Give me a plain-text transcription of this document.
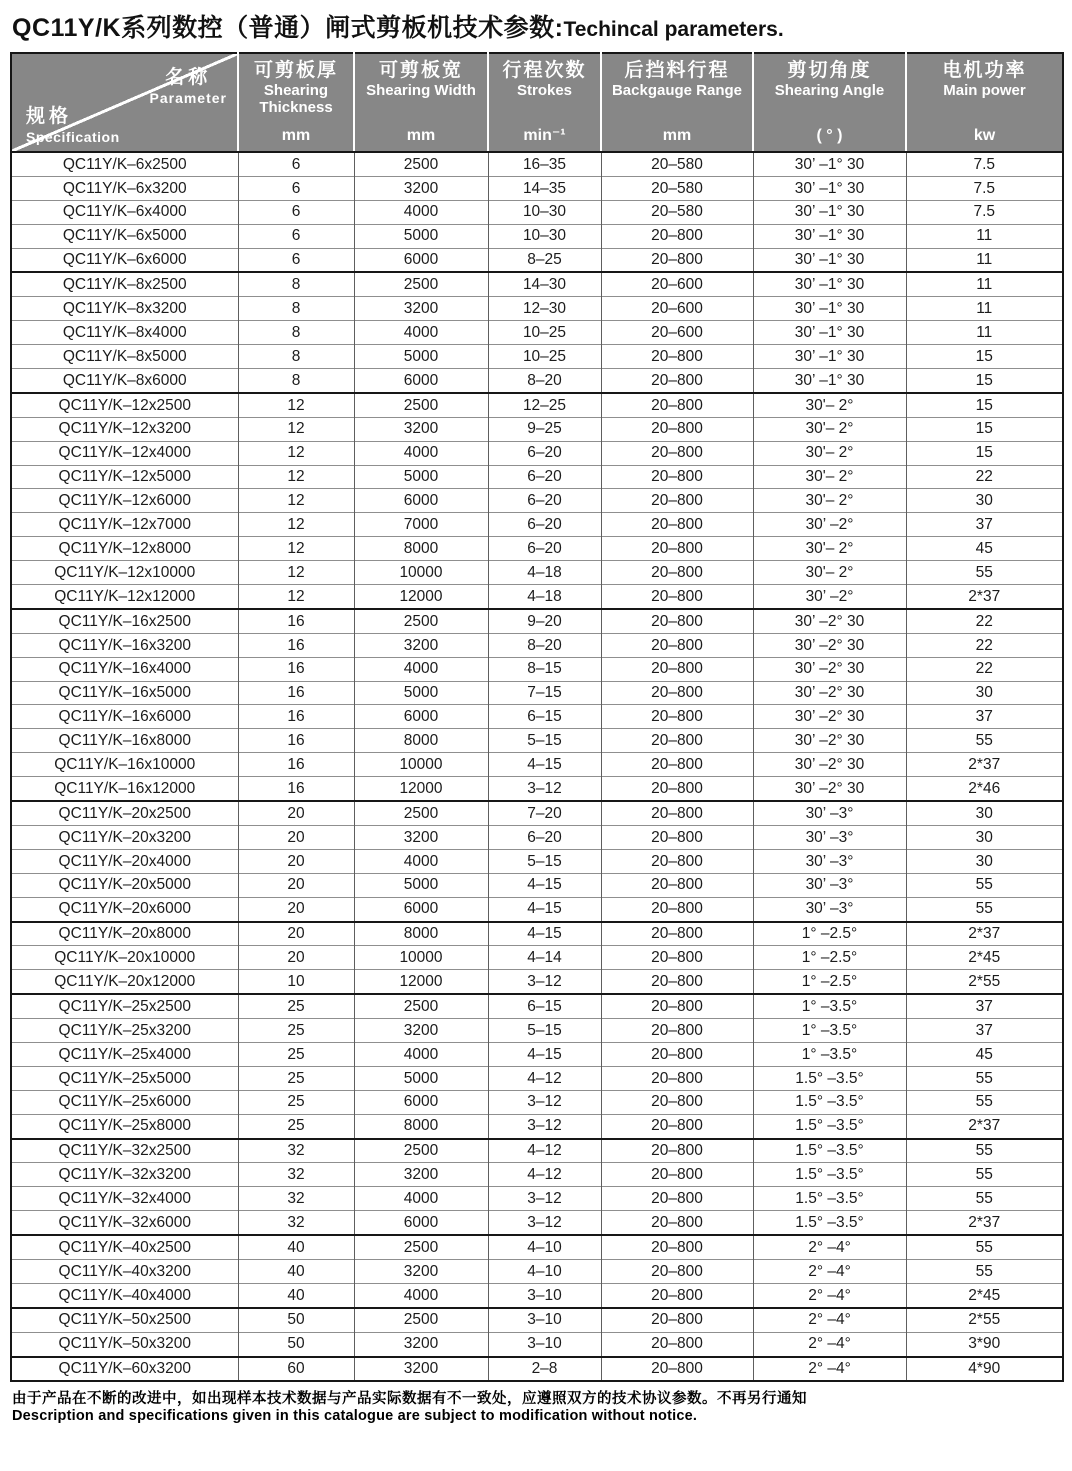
QC11Y/K系列数控（普通）闸式剪板机技术参数:Techincal parameters.
名称
Parameter
规格
Specification

可剪板厚
Shearing Thickness
mm

可剪板宽
Shearing Width
mm

行程次数
Strokes
min⁻¹

后挡料行程
Backgauge Range
mm

剪切角度
Shearing Angle
( ° )

电机功率
Main power
kw

QC11Y/K–6x2500	6	2500	16–35	20–580	30’ –1° 30	7.5
QC11Y/K–6x3200	6	3200	14–35	20–580	30’ –1° 30	7.5
QC11Y/K–6x4000	6	4000	10–30	20–580	30’ –1° 30	7.5
QC11Y/K–6x5000	6	5000	10–30	20–800	30’ –1° 30	11
QC11Y/K–6x6000	6	6000	8–25	20–800	30’ –1° 30	11
QC11Y/K–8x2500	8	2500	14–30	20–600	30’ –1° 30	11
QC11Y/K–8x3200	8	3200	12–30	20–600	30’ –1° 30	11
QC11Y/K–8x4000	8	4000	10–25	20–600	30’ –1° 30	11
QC11Y/K–8x5000	8	5000	10–25	20–800	30’ –1° 30	15
QC11Y/K–8x6000	8	6000	8–20	20–800	30’ –1° 30	15
QC11Y/K–12x2500	12	2500	12–25	20–800	30'– 2°	15
QC11Y/K–12x3200	12	3200	9–25	20–800	30'– 2°	15
QC11Y/K–12x4000	12	4000	6–20	20–800	30'– 2°	15
QC11Y/K–12x5000	12	5000	6–20	20–800	30'– 2°	22
QC11Y/K–12x6000	12	6000	6–20	20–800	30'– 2°	30
QC11Y/K–12x7000	12	7000	6–20	20–800	30’ –2°	37
QC11Y/K–12x8000	12	8000	6–20	20–800	30'– 2°	45
QC11Y/K–12x10000	12	10000	4–18	20–800	30'– 2°	55
QC11Y/K–12x12000	12	12000	4–18	20–800	30’ –2°	2*37
QC11Y/K–16x2500	16	2500	9–20	20–800	30’ –2° 30	22
QC11Y/K–16x3200	16	3200	8–20	20–800	30’ –2° 30	22
QC11Y/K–16x4000	16	4000	8–15	20–800	30’ –2° 30	22
QC11Y/K–16x5000	16	5000	7–15	20–800	30’ –2° 30	30
QC11Y/K–16x6000	16	6000	6–15	20–800	30’ –2° 30	37
QC11Y/K–16x8000	16	8000	5–15	20–800	30’ –2° 30	55
QC11Y/K–16x10000	16	10000	4–15	20–800	30’ –2° 30	2*37
QC11Y/K–16x12000	16	12000	3–12	20–800	30’ –2° 30	2*46
QC11Y/K–20x2500	20	2500	7–20	20–800	30’ –3°	30
QC11Y/K–20x3200	20	3200	6–20	20–800	30’ –3°	30
QC11Y/K–20x4000	20	4000	5–15	20–800	30’ –3°	30
QC11Y/K–20x5000	20	5000	4–15	20–800	30’ –3°	55
QC11Y/K–20x6000	20	6000	4–15	20–800	30’ –3°	55
QC11Y/K–20x8000	20	8000	4–15	20–800	1° –2.5°	2*37
QC11Y/K–20x10000	20	10000	4–14	20–800	1° –2.5°	2*45
QC11Y/K–20x12000	10	12000	3–12	20–800	1° –2.5°	2*55
QC11Y/K–25x2500	25	2500	6–15	20–800	1° –3.5°	37
QC11Y/K–25x3200	25	3200	5–15	20–800	1° –3.5°	37
QC11Y/K–25x4000	25	4000	4–15	20–800	1° –3.5°	45
QC11Y/K–25x5000	25	5000	4–12	20–800	1.5° –3.5°	55
QC11Y/K–25x6000	25	6000	3–12	20–800	1.5° –3.5°	55
QC11Y/K–25x8000	25	8000	3–12	20–800	1.5° –3.5°	2*37
QC11Y/K–32x2500	32	2500	4–12	20–800	1.5° –3.5°	55
QC11Y/K–32x3200	32	3200	4–12	20–800	1.5° –3.5°	55
QC11Y/K–32x4000	32	4000	3–12	20–800	1.5° –3.5°	55
QC11Y/K–32x6000	32	6000	3–12	20–800	1.5° –3.5°	2*37
QC11Y/K–40x2500	40	2500	4–10	20–800	2° –4°	55
QC11Y/K–40x3200	40	3200	4–10	20–800	2° –4°	55
QC11Y/K–40x4000	40	4000	3–10	20–800	2° –4°	2*45
QC11Y/K–50x2500	50	2500	3–10	20–800	2° –4°	2*55
QC11Y/K–50x3200	50	3200	3–10	20–800	2° –4°	3*90
QC11Y/K–60x3200	60	3200	2–8	20–800	2° –4°	4*90
由于产品在不断的改进中，如出现样本技术数据与产品实际数据有不一致处，应遵照双方的技术协议参数。不再另行通知
Description and specifications given in this catalogue are subject to modification without notice.
